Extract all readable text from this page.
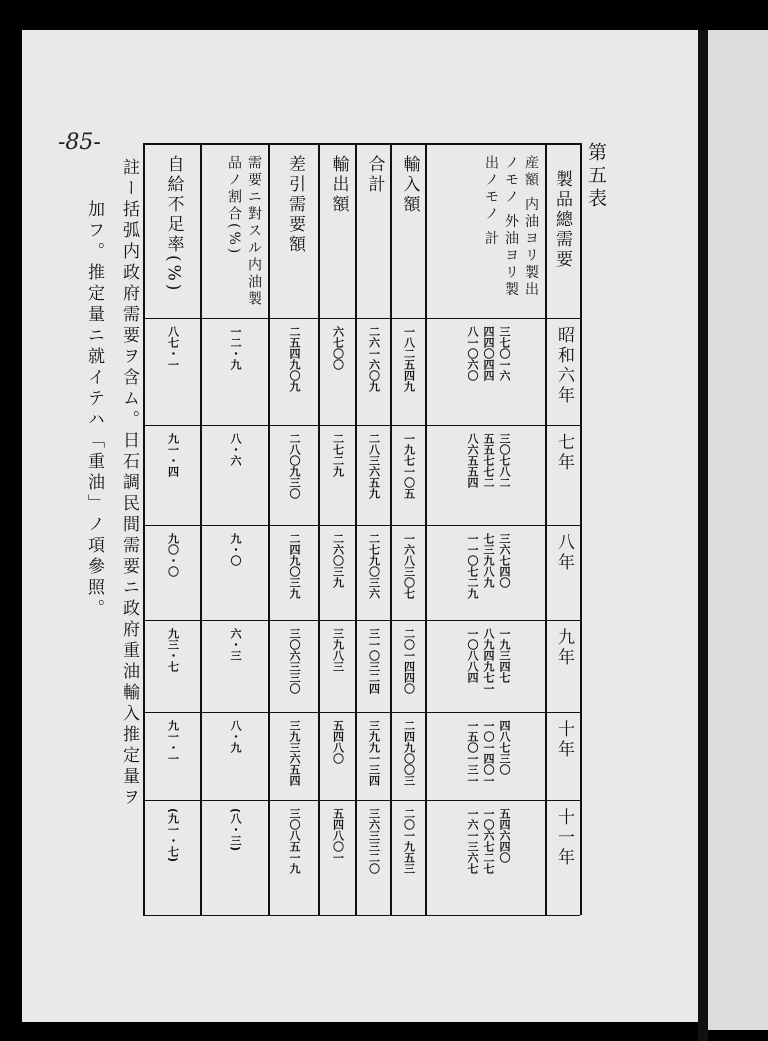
-85-	第五表
製品總需要
昭和六年
七年
八年
九年
十年
十一年
産額 内油ヨリ製出ノモノ 外油ヨリ製出ノモノ 計
三七〇一六
四四〇四四
八一〇六〇
三〇七八二
五五七七二
八六五五四
三六七四〇
七三九八九
一一〇七二九
一九三四七
八九四九七一
一〇八八四
四八七三〇
一〇一四〇一
一五〇一三一
五四六四〇
一〇六七二七
一六一三六七
輸入額
一八二五四九
一九七一〇五
一六八三〇七
二〇一四四〇
二四九〇〇三
二〇一九五三
合計
二六一六〇九
二八三六五九
二七九〇三六
三一〇三二四
三九九一三四
三六三三二〇
輸出額
六七〇〇
二七二九
二六〇三九
三九八三
五四八〇
五四八〇一
差引需要額
二五四九〇九
二八〇九三〇
二四九〇三九
三〇六三三〇
三九三六五四
三〇八五一九
需要ニ對スル内油製品ノ割合(%)
一二・九
八・六
九・〇
六・三
八・九
(八・三)
自給不足率(%)
八七・一
九一・四
九〇・〇
九三・七
九一・一
(九一・七)
註ー括弧内政府需要ヲ含ム。日石調民間需要ニ政府重油輸入推定量ヲ
加フ。推定量ニ就イテハ「重油」ノ項參照。
